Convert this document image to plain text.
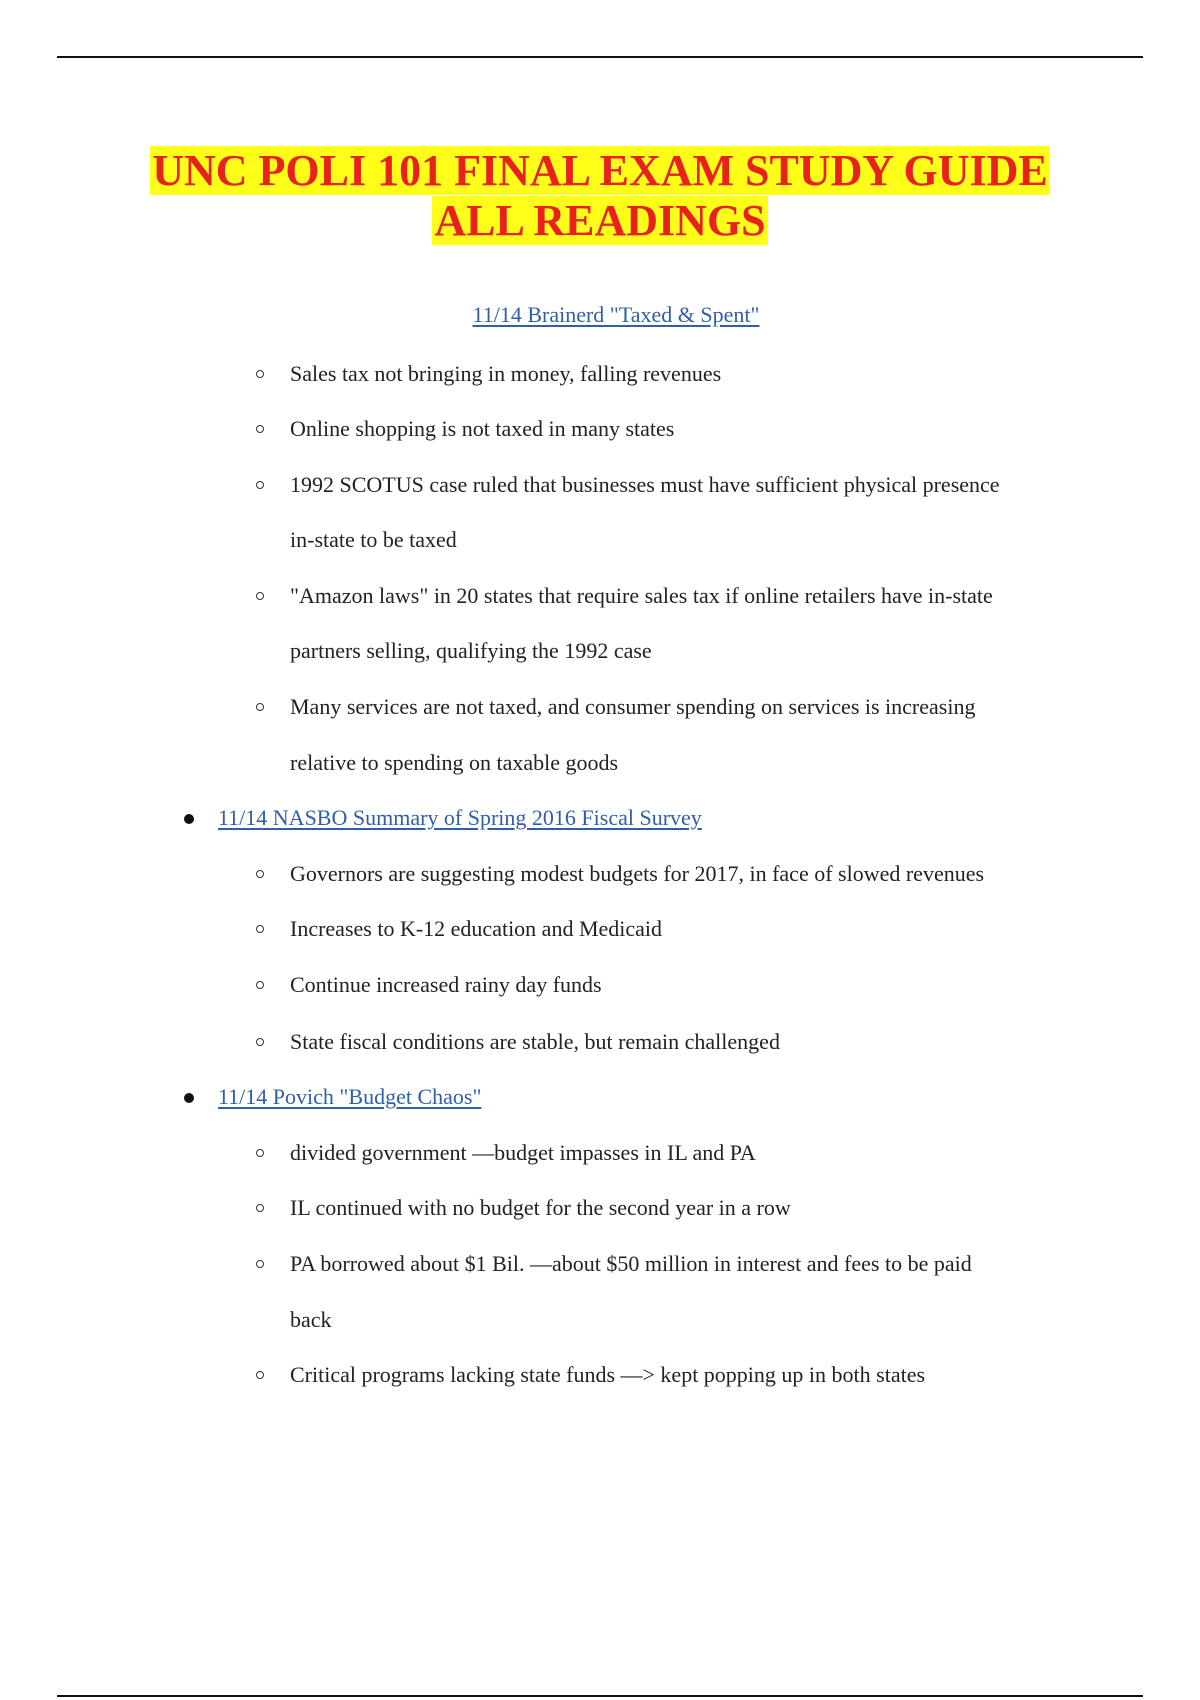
UNC POLI 101 FINAL EXAM STUDY GUIDE
ALL READINGS
11/14 Brainerd "Taxed & Spent"
Sales tax not bringing in money, falling revenues
Online shopping is not taxed in many states
1992 SCOTUS case ruled that businesses must have sufficient physical presence
in-state to be taxed
"Amazon laws" in 20 states that require sales tax if online retailers have in-state
partners selling, qualifying the 1992 case
Many services are not taxed, and consumer spending on services is increasing
relative to spending on taxable goods
11/14 NASBO Summary of Spring 2016 Fiscal Survey
Governors are suggesting modest budgets for 2017, in face of slowed revenues
Increases to K-12 education and Medicaid
Continue increased rainy day funds
State fiscal conditions are stable, but remain challenged
11/14 Povich "Budget Chaos"
divided government —budget impasses in IL and PA
IL continued with no budget for the second year in a row
PA borrowed about $1 Bil. —about $50 million in interest and fees to be paid
back
Critical programs lacking state funds —> kept popping up in both states
